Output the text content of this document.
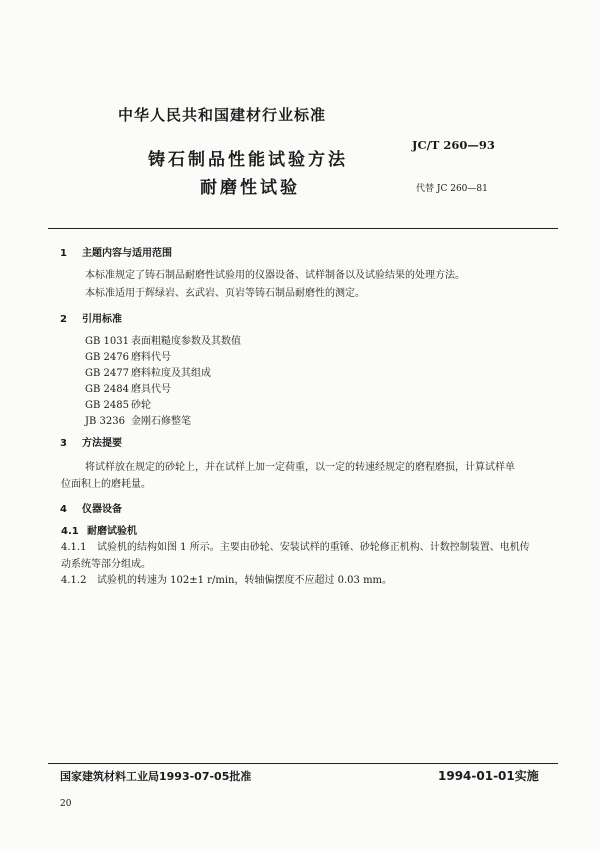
中华人民共和国建材行业标准
铸石制品性能试验方法
耐磨性试验
JC/T 260—93
代替 JC 260—81
1 主题内容与适用范围
本标准规定了铸石制品耐磨性试验用的仪器设备、试样制备以及试验结果的处理方法。
本标准适用于辉绿岩、玄武岩、页岩等铸石制品耐磨性的测定。
2 引用标准
GB 1031 表面粗糙度参数及其数值
GB 2476 磨料代号
GB 2477 磨料粒度及其组成
GB 2484 磨具代号
GB 2485 砂轮
JB 3236 金刚石修整笔
3 方法提要
将试样放在规定的砂轮上，并在试样上加一定荷重，以一定的转速经规定的磨程磨损，计算试样单
位面积上的磨耗量。
4 仪器设备
4.1 耐磨试验机
4.1.1 试验机的结构如图 1 所示。主要由砂轮、安装试样的重锤、砂轮修正机构、计数控制装置、电机传
动系统等部分组成。
4.1.2 试验机的转速为 102±1 r/min，转轴偏摆度不应超过 0.03 mm。
国家建筑材料工业局1993-07-05批准	1994-01-01实施
20
